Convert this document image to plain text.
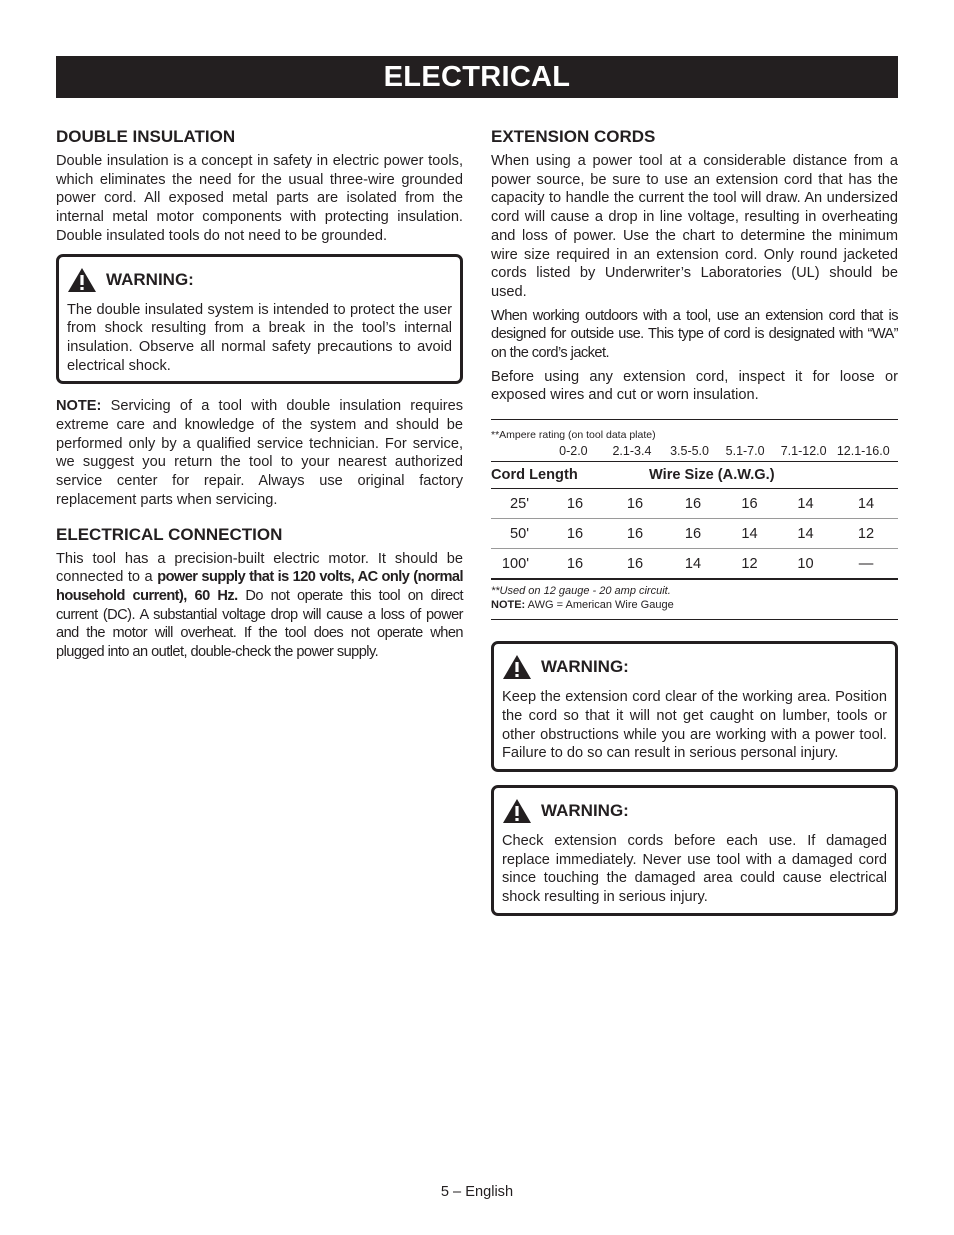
ELECTRICAL
DOUBLE INSULATION

Double insulation is a concept in safety in electric power tools, which eliminates the need for the usual three-wire grounded power cord. All exposed metal parts are isolated from the internal metal motor components with protecting insulation. Double insulated tools do not need to be grounded.

WARNING:

The double insulated system is intended to protect the user from shock resulting from a break in the tool’s internal insulation. Observe all normal safety precautions to avoid electrical shock.

NOTE: Servicing of a tool with double insulation requires extreme care and knowledge of the system and should be performed only by a qualified service technician. For service, we suggest you return the tool to your nearest authorized service center for repair. Always use original factory replacement parts when servicing.

ELECTRICAL CONNECTION

This tool has a precision-built electric motor. It should be connected to a power supply that is 120 volts, AC only (normal household current), 60 Hz. Do not operate this tool on direct current (DC). A substantial voltage drop will cause a loss of power and the motor will overheat. If the tool does not operate when plugged into an outlet, double-check the power supply.

EXTENSION CORDS

When using a power tool at a considerable distance from a power source, be sure to use an extension cord that has the capacity to handle the current the tool will draw. An undersized cord will cause a drop in line voltage, resulting in overheating and loss of power. Use the chart to determine the minimum wire size required in an extension cord. Only round jacketed cords listed by Underwriter’s Laboratories (UL) should be used.

When working outdoors with a tool, use an extension cord that is designed for outside use. This type of cord is designated with “WA” on the cord’s jacket.

Before using any extension cord, inspect it for loose or exposed wires and cut or worn insulation.

**Ampere rating (on tool data plate)
0-2.0	2.1-3.4	3.5-5.0	5.1-7.0	7.1-12.0 12.1-16.0
Cord Length	Wire Size (A.W.G.)
25'	16	16	16	16	14	14
50'	16	16	16	14	14	12
100'	16	16	14	12	10	—
**Used on 12 gauge - 20 amp circuit.
NOTE: AWG = American Wire Gauge
WARNING:

Keep the extension cord clear of the working area. Position the cord so that it will not get caught on lumber, tools or other obstructions while you are working with a power tool. Failure to do so can result in serious personal injury.

WARNING:

Check extension cords before each use. If damaged replace immediately. Never use tool with a damaged cord since touching the damaged area could cause electrical shock resulting in serious injury.

5 – English
